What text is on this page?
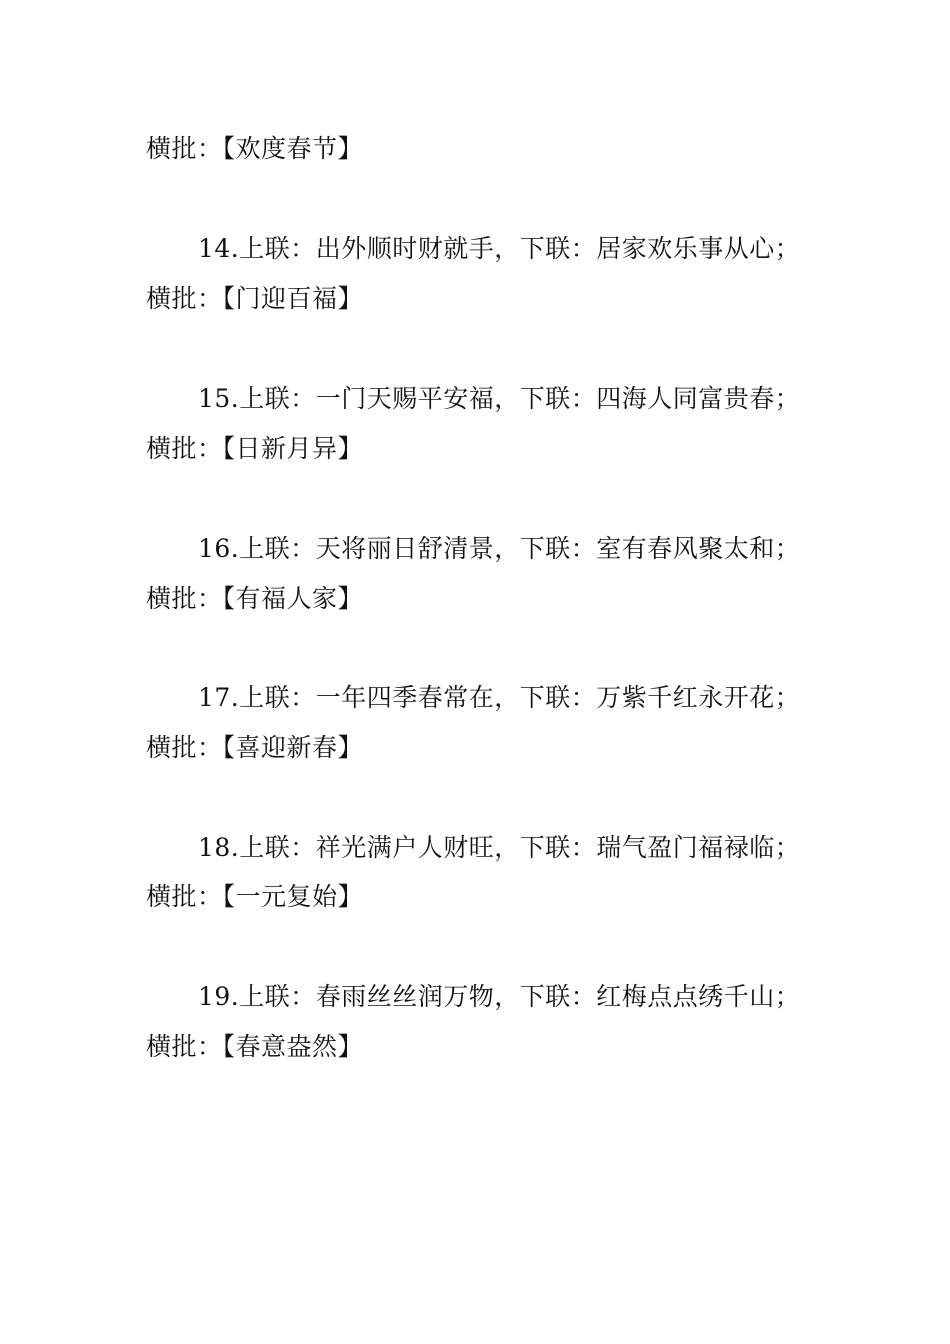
横批：【欢度春节】
14.上联：出外顺时财就手，下联：居家欢乐事从心；
横批：【门迎百福】
15.上联：一门天赐平安福，下联：四海人同富贵春；
横批：【日新月异】
16.上联：天将丽日舒清景，下联：室有春风聚太和；
横批：【有福人家】
17.上联：一年四季春常在，下联：万紫千红永开花；
横批：【喜迎新春】
18.上联：祥光满户人财旺，下联：瑞气盈门福禄临；
横批：【一元复始】
19.上联：春雨丝丝润万物，下联：红梅点点绣千山；
横批：【春意盎然】
